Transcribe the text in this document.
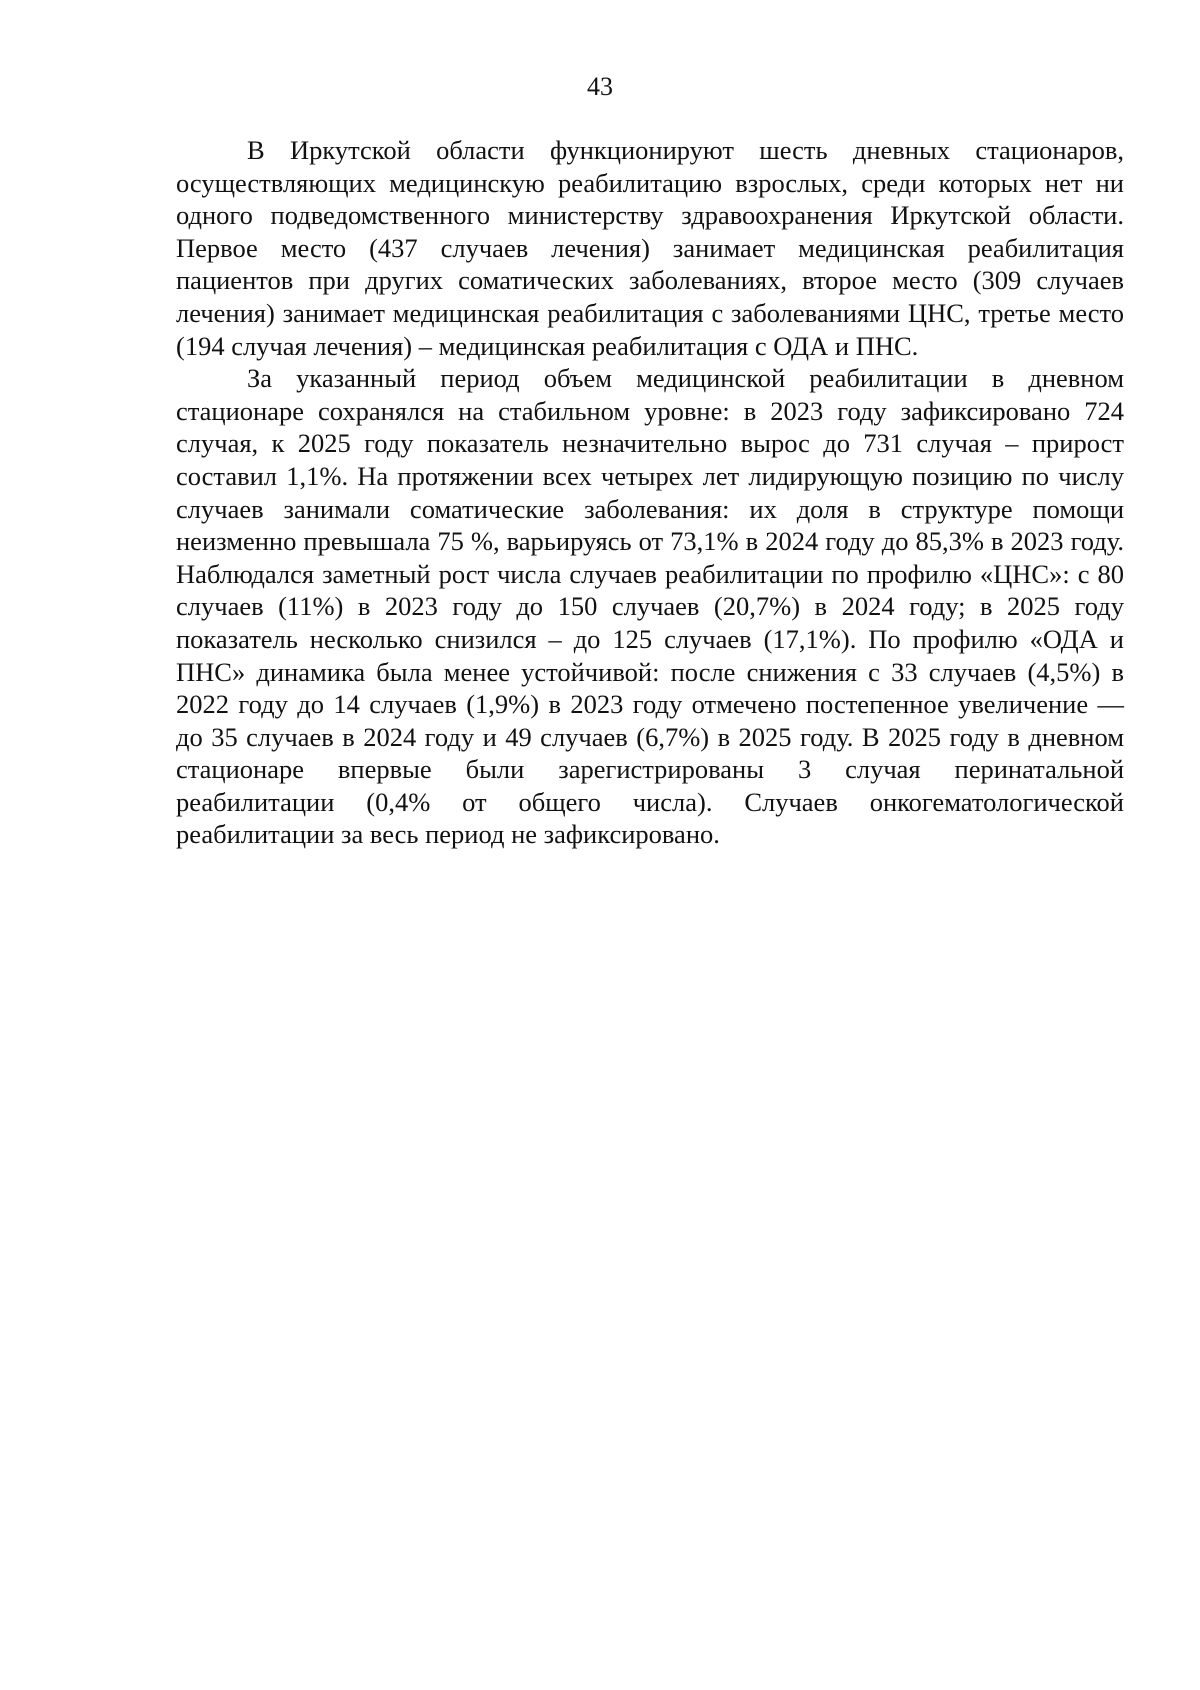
43

В Иркутской области функционируют шесть дневных стационаров, осуществляющих медицинскую реабилитацию взрослых, среди которых нет ни одного подведомственного министерству здравоохранения Иркутской области. Первое место (437 случаев лечения) занимает медицинская реабилитация пациентов при других соматических заболеваниях, второе место (309 случаев лечения) занимает медицинская реабилитация с заболеваниями ЦНС, третье место (194 случая лечения) – медицинская реабилитация с ОДА и ПНС.

За указанный период объем медицинской реабилитации в дневном стационаре сохранялся на стабильном уровне: в 2023 году зафиксировано 724 случая, к 2025 году показатель незначительно вырос до 731 случая – прирост составил 1,1%. На протяжении всех четырех лет лидирующую позицию по числу случаев занимали соматические заболевания: их доля в структуре помощи неизменно превышала 75 %, варьируясь от 73,1% в 2024 году до 85,3% в 2023 году. Наблюдался заметный рост числа случаев реабилитации по профилю «ЦНС»: с 80 случаев (11%) в 2023 году до 150 случаев (20,7%) в 2024 году; в 2025 году показатель несколько снизился – до 125 случаев (17,1%). По профилю «ОДА и ПНС» динамика была менее устойчивой: после снижения с 33 случаев (4,5%) в 2022 году до 14 случаев (1,9%) в 2023 году отмечено постепенное увеличение — до 35 случаев в 2024 году и 49 случаев (6,7%) в 2025 году. В 2025 году в дневном стационаре впервые были зарегистрированы 3 случая перинатальной реабилитации (0,4% от общего числа). Случаев онкогематологической реабилитации за весь период не зафиксировано.
